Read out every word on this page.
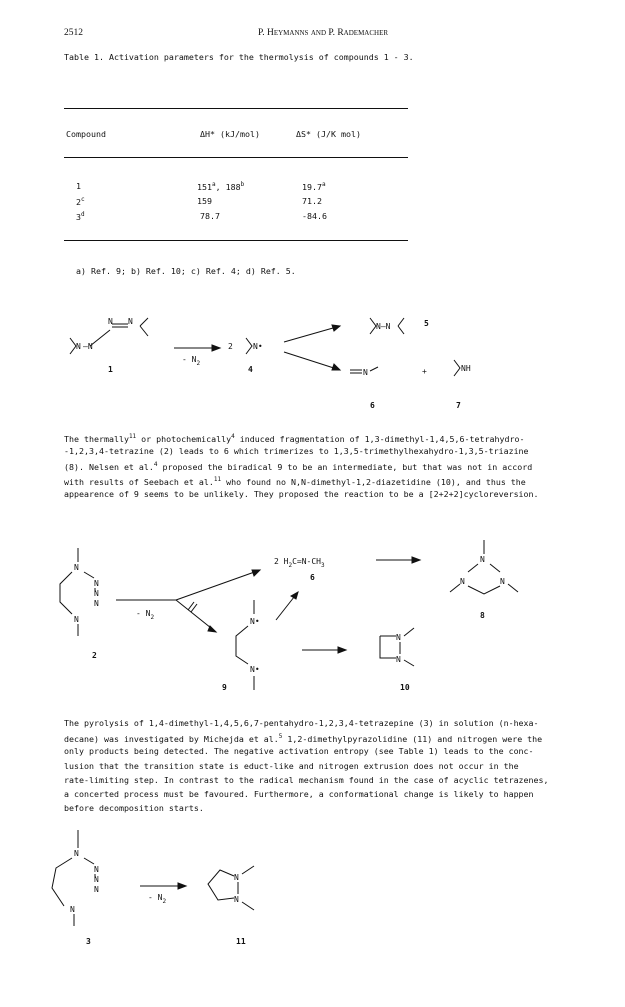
2512	P. Heymanns and P. Rademacher
Table 1. Activation parameters for the thermolysis of compounds 1 - 3.
Compound	ΔH* (kJ/mol)	ΔS* (J/K mol)
1	151$^a$, 188$^b$	19.7$^a$
2$^c$	159	71.2
3$^d$	78.7	-84.6
a) Ref. 9; b) Ref. 10; c) Ref. 4; d) Ref. 5.
N —N
N N
1
- $N_2$
2	N•
4
N—N	5
N
6
+	NH
7
The thermally$^{11}$ or photochemically$^4$ induced fragmentation of 1,3-dimethyl-1,4,5,6-tetrahydro-
-1,2,3,4-tetrazine (2) leads to 6 which trimerizes to 1,3,5-trimethylhexahydro-1,3,5-triazine
(8). Nelsen et al.$^4$ proposed the biradical 9 to be an intermediate, but that was not in accord
with results of Seebach et al.$^{11}$ who found no N,N-dimethyl-1,2-diazetidine (10), and thus the
appearence of 9 seems to be unlikely. They proposed the reaction to be a [2+2+2]cycloreversion.
N
N
N
N
N
2
- $N_2$
2 $H_2C=N-CH_3$
6
N
N	N
8
N•
N•
9
N
N
10
The pyrolysis of 1,4-dimethyl-1,4,5,6,7-pentahydro-1,2,3,4-tetrazepine (3) in solution (n-hexa-
decane) was investigated by Michejda et al.$^5$ 1,2-dimethylpyrazolidine (11) and nitrogen were the
only products being detected. The negative activation entropy (see Table 1) leads to the conc-
lusion that the transition state is educt-like and nitrogen extrusion does not occur in the
rate-limiting step. In contrast to the radical mechanism found in the case of acyclic tetrazenes,
a concerted process must be favoured. Furthermore, a conformational change is likely to happen
before decomposition starts.
N
N
N
N
N
3
- $N_2$
N
N
11
